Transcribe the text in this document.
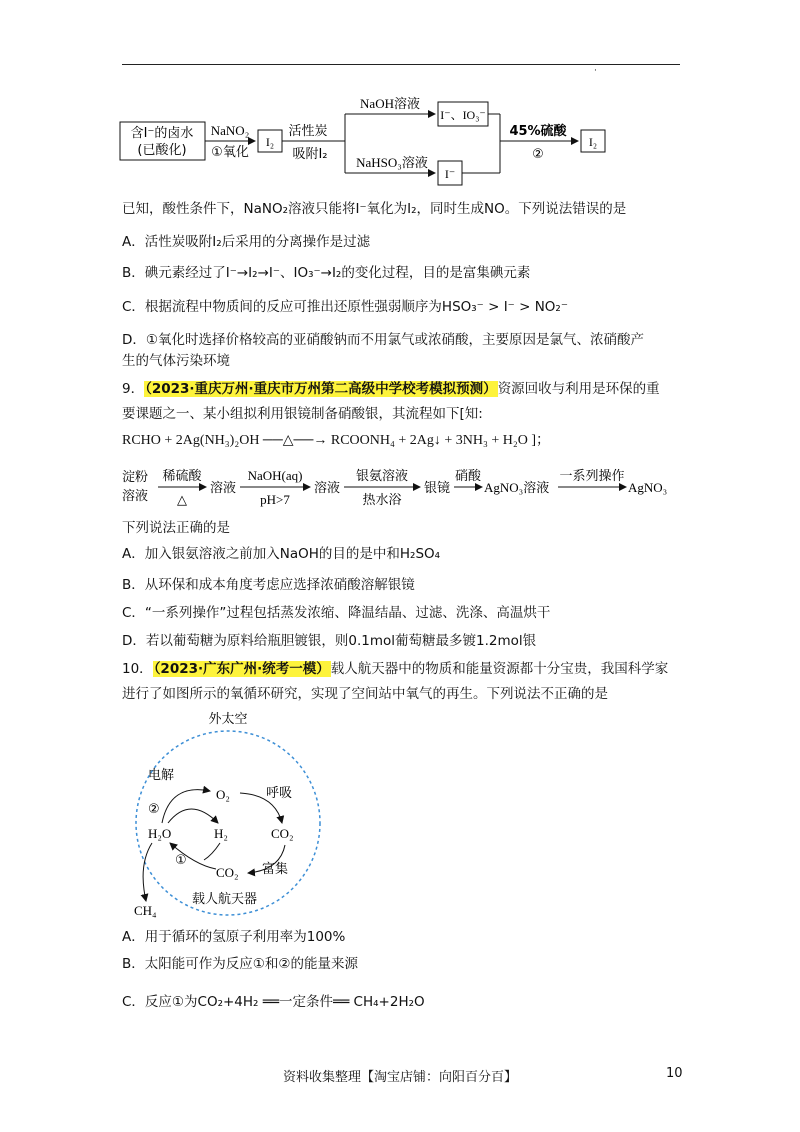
·
含I⁻的卤水
(已酸化)
NaNO₂
①氧化
I₂
活性炭
吸附I₂
NaOH溶液
NaHSO₃溶液
I⁻、IO₃⁻
I⁻
45%硫酸
②
I₂
已知，酸性条件下，NaNO₂溶液只能将I⁻氧化为I₂，同时生成NO。下列说法错误的是
A．活性炭吸附I₂后采用的分离操作是过滤
B．碘元素经过了I⁻→I₂→I⁻、IO₃⁻→I₂的变化过程，目的是富集碘元素
C．根据流程中物质间的反应可推出还原性强弱顺序为HSO₃⁻ > I⁻ > NO₂⁻
D．①氧化时选择价格较高的亚硝酸钠而不用氯气或浓硝酸，主要原因是氯气、浓硝酸产
生的气体污染环境
9．（2023·重庆万州·重庆市万州第二高级中学校考模拟预测）资源回收与利用是环保的重
要课题之一、某小组拟利用银镜制备硝酸银，其流程如下[知:
RCHO + 2Ag(NH₃)₂OH ──△──→ RCOONH₄ + 2Ag↓ + 3NH₃ + H₂O ]；
淀粉
溶液
稀硫酸
△
溶液
NaOH(aq)
pH>7
溶液
银氨溶液
热水浴
银镜
硝酸
AgNO₃溶液
一系列操作
AgNO₃
下列说法正确的是
A．加入银氨溶液之前加入NaOH的目的是中和H₂SO₄
B．从环保和成本角度考虑应选择浓硝酸溶解银镜
C．“一系列操作”过程包括蒸发浓缩、降温结晶、过滤、洗涤、高温烘干
D．若以葡萄糖为原料给瓶胆镀银，则0.1mol葡萄糖最多镀1.2mol银
10．（2023·广东广州·统考一模）载人航天器中的物质和能量资源都十分宝贵，我国科学家
进行了如图所示的氧循环研究，实现了空间站中氧气的再生。下列说法不正确的是
外太空
电解
O₂	呼吸
②
H₂O	H₂	CO₂
①
富集
CO₂
载人航天器
CH₄
A．用于循环的氢原子利用率为100%
B．太阳能可作为反应①和②的能量来源
C．反应①为CO₂+4H₂ ══一定条件══ CH₄+2H₂O
资料收集整理【淘宝店铺：向阳百分百】	10
